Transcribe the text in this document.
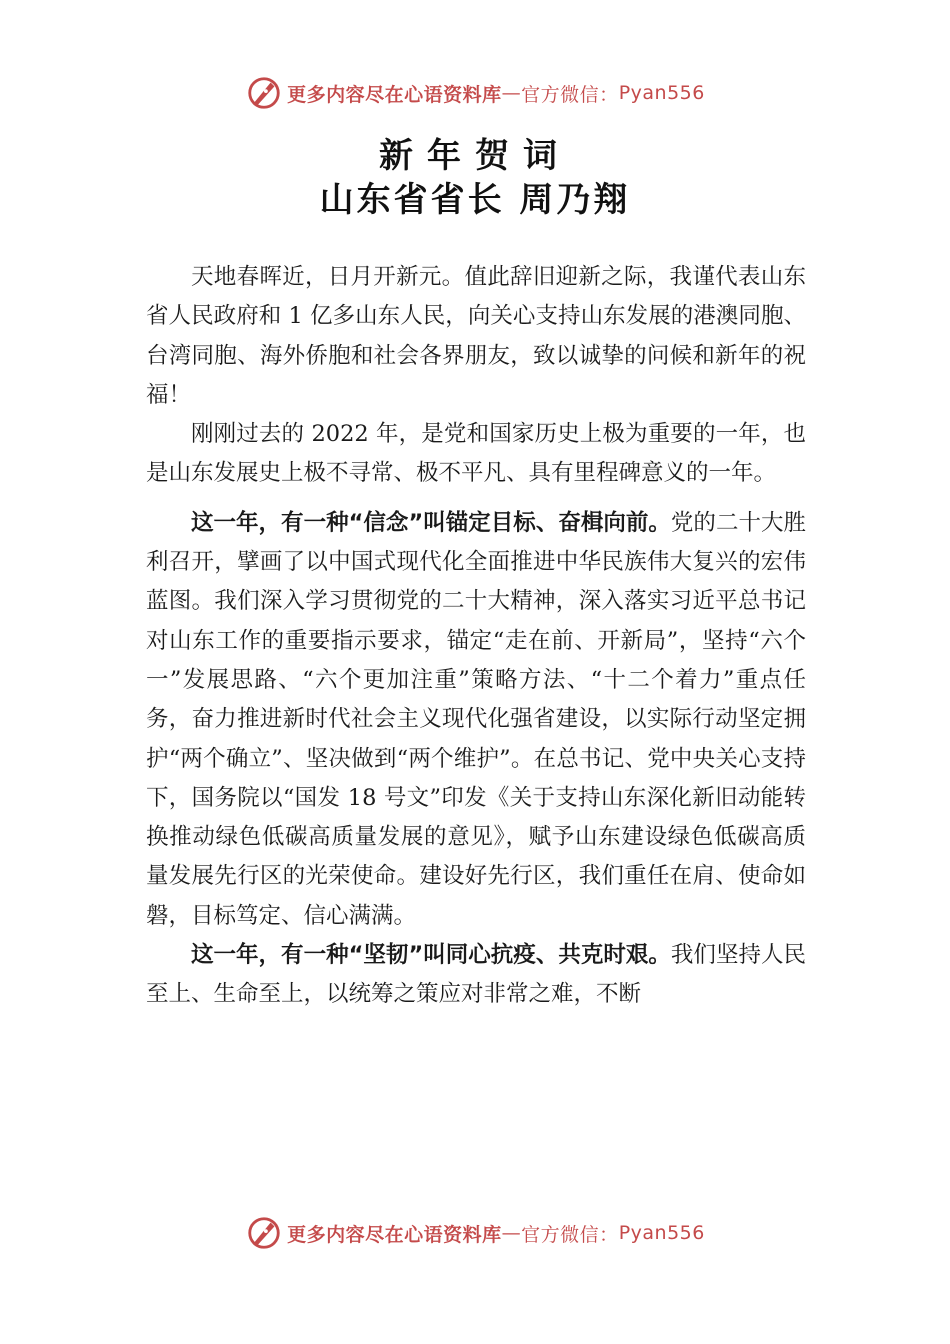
更多内容尽在心语资料库 — 官方微信： Pyan556
新年贺词
山东省省长 周乃翔

天地春晖近，日月开新元。值此辞旧迎新之际，我谨代表山东省人民政府和 1 亿多山东人民，向关心支持山东发展的港澳同胞、台湾同胞、海外侨胞和社会各界朋友，致以诚挚的问候和新年的祝福！

刚刚过去的 2022 年，是党和国家历史上极为重要的一年，也是山东发展史上极不寻常、极不平凡、具有里程碑意义的一年。

这一年，有一种“信念”叫锚定目标、奋楫向前。党的二十大胜利召开，擘画了以中国式现代化全面推进中华民族伟大复兴的宏伟蓝图。我们深入学习贯彻党的二十大精神，深入落实习近平总书记对山东工作的重要指示要求，锚定“走在前、开新局”，坚持“六个一”发展思路、“六个更加注重”策略方法、“十二个着力”重点任务，奋力推进新时代社会主义现代化强省建设，以实际行动坚定拥护“两个确立”、坚决做到“两个维护”。在总书记、党中央关心支持下，国务院以“国发 18 号文”印发《关于支持山东深化新旧动能转换推动绿色低碳高质量发展的意见》，赋予山东建设绿色低碳高质量发展先行区的光荣使命。建设好先行区，我们重任在肩、使命如磐，目标笃定、信心满满。

这一年，有一种“坚韧”叫同心抗疫、共克时艰。我们坚持人民至上、生命至上，以统筹之策应对非常之难，不断

更多内容尽在心语资料库 — 官方微信： Pyan556
